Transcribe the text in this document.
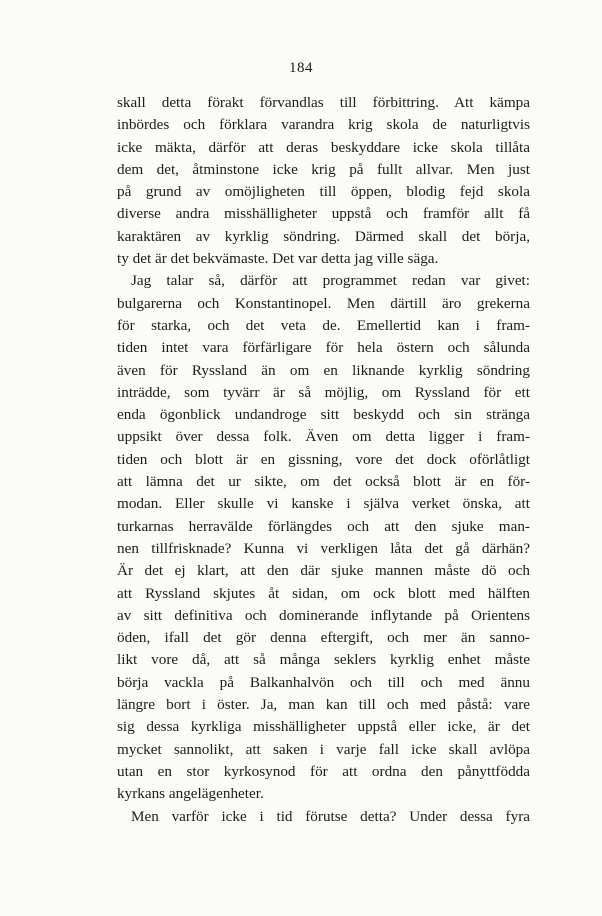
184
skall detta förakt förvandlas till förbittring. Att kämpa
inbördes och förklara varandra krig skola de naturligtvis
icke mäkta, därför att deras beskyddare icke skola tillåta
dem det, åtminstone icke krig på fullt allvar. Men just
på grund av omöjligheten till öppen, blodig fejd skola
diverse andra misshälligheter uppstå och framför allt få
karaktären av kyrklig söndring. Därmed skall det börja,
ty det är det bekvämaste. Det var detta jag ville säga.
Jag talar så, därför att programmet redan var givet:
bulgarerna och Konstantinopel. Men därtill äro grekerna
för starka, och det veta de. Emellertid kan i fram-
tiden intet vara förfärligare för hela östern och sålunda
även för Ryssland än om en liknande kyrklig söndring
inträdde, som tyvärr är så möjlig, om Ryssland för ett
enda ögonblick undandroge sitt beskydd och sin stränga
uppsikt över dessa folk. Även om detta ligger i fram-
tiden och blott är en gissning, vore det dock oförlåtligt
att lämna det ur sikte, om det också blott är en för-
modan. Eller skulle vi kanske i själva verket önska, att
turkarnas herravälde förlängdes och att den sjuke man-
nen tillfrisknade? Kunna vi verkligen låta det gå därhän?
Är det ej klart, att den där sjuke mannen måste dö och
att Ryssland skjutes åt sidan, om ock blott med hälften
av sitt definitiva och dominerande inflytande på Orientens
öden, ifall det gör denna eftergift, och mer än sanno-
likt vore då, att så många seklers kyrklig enhet måste
börja vackla på Balkanhalvön och till och med ännu
längre bort i öster. Ja, man kan till och med påstå: vare
sig dessa kyrkliga misshälligheter uppstå eller icke, är det
mycket sannolikt, att saken i varje fall icke skall avlöpa
utan en stor kyrkosynod för att ordna den pånyttfödda
kyrkans angelägenheter.
Men varför icke i tid förutse detta? Under dessa fyra
